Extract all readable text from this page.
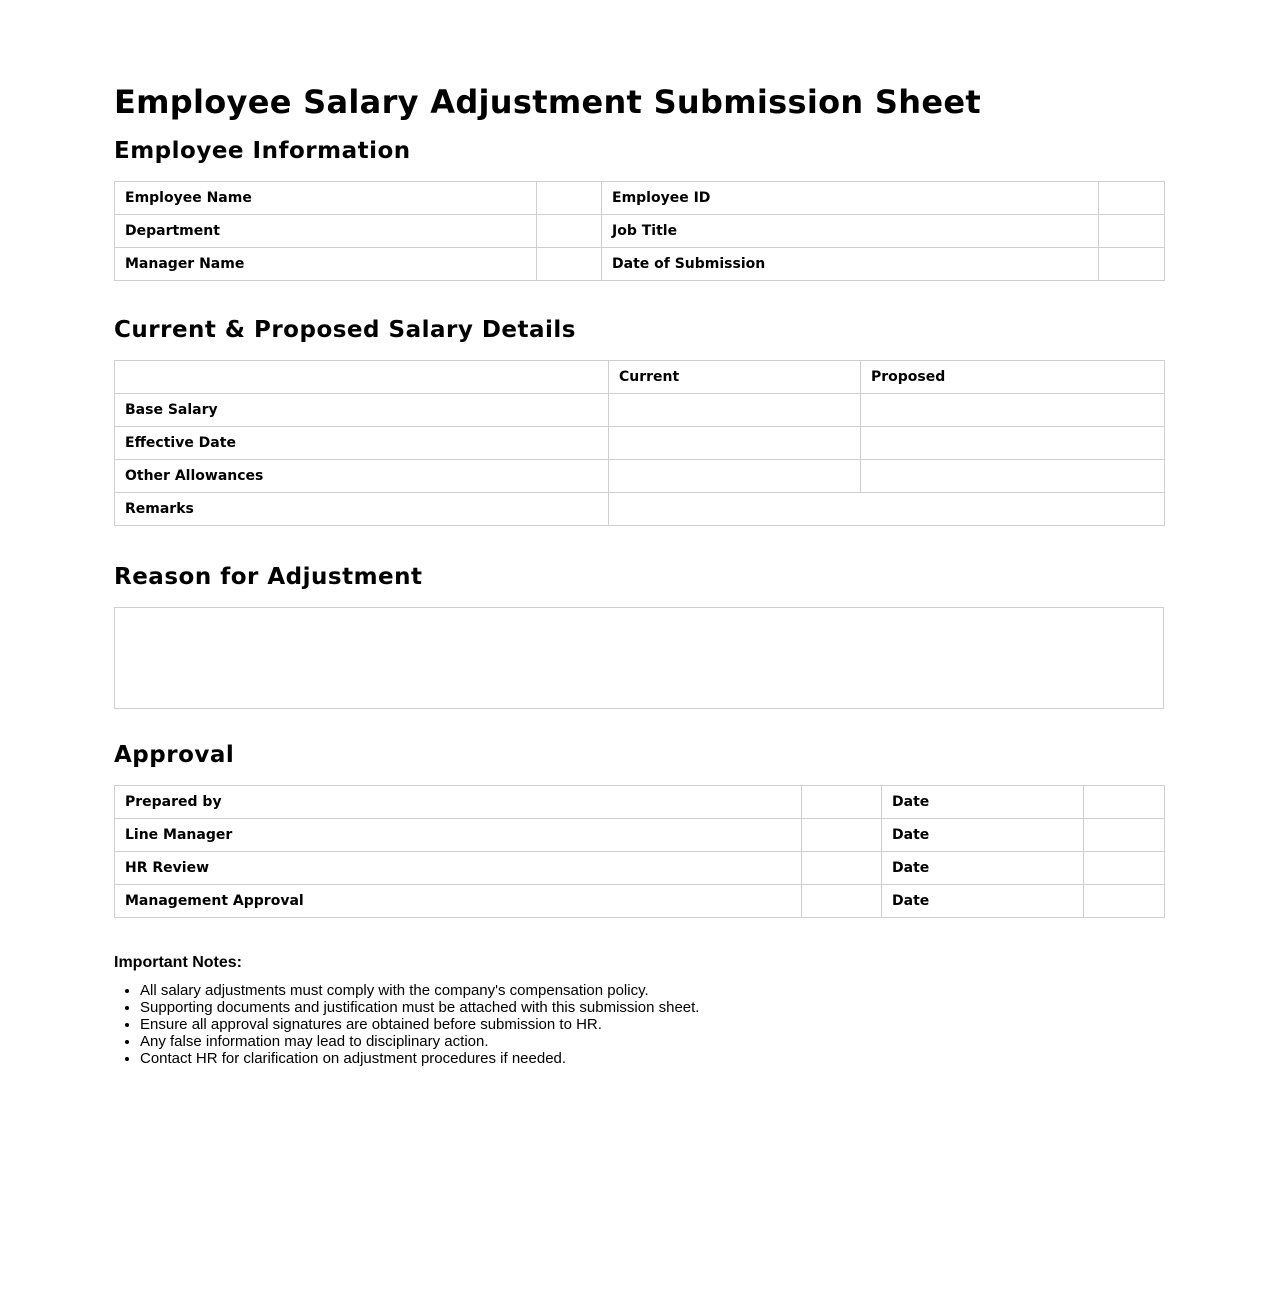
Employee Salary Adjustment Submission Sheet
Employee Information
Employee Name		Employee ID	
Department		Job Title	
Manager Name		Date of Submission	
Current & Proposed Salary Details
	Current	Proposed
Base Salary		
Effective Date		
Other Allowances		
Remarks		
Reason for Adjustment
Approval
Prepared by		Date	
Line Manager		Date	
HR Review		Date	
Management Approval		Date	

Important Notes:

• All salary adjustments must comply with the company's compensation policy.
• Supporting documents and justification must be attached with this submission sheet.
• Ensure all approval signatures are obtained before submission to HR.
• Any false information may lead to disciplinary action.
• Contact HR for clarification on adjustment procedures if needed.
